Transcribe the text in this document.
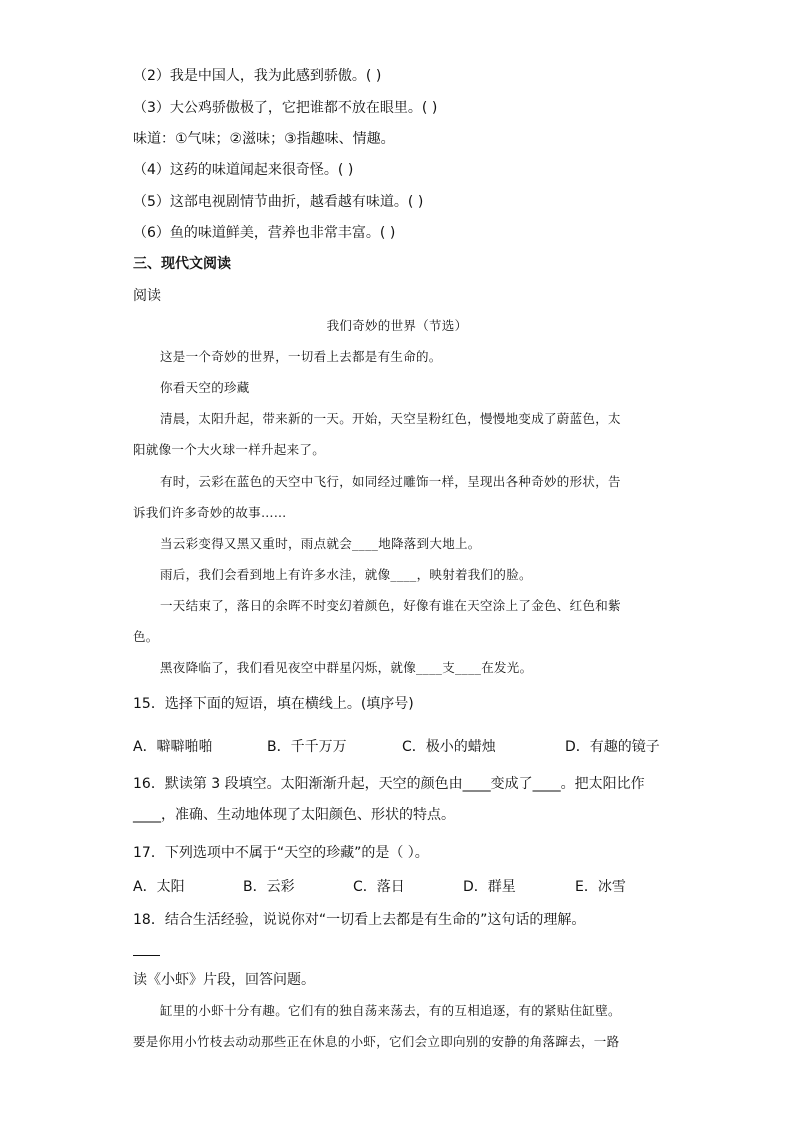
（2）我是中国人，我为此感到骄傲。( )
（3）大公鸡骄傲极了，它把谁都不放在眼里。( )
味道：①气味；②滋味；③指趣味、情趣。
（4）这药的味道闻起来很奇怪。( )
（5）这部电视剧情节曲折，越看越有味道。( )
（6）鱼的味道鲜美，营养也非常丰富。( )
三、现代文阅读
阅读
我们奇妙的世界（节选）
这是一个奇妙的世界，一切看上去都是有生命的。
你看天空的珍藏
清晨，太阳升起，带来新的一天。开始，天空呈粉红色，慢慢地变成了蔚蓝色，太
阳就像一个大火球一样升起来了。
有时，云彩在蓝色的天空中飞行，如同经过雕饰一样，呈现出各种奇妙的形状，告
诉我们许多奇妙的故事……
当云彩变得又黑又重时，雨点就会____地降落到大地上。
雨后，我们会看到地上有许多水洼，就像____，映射着我们的脸。
一天结束了，落日的余晖不时变幻着颜色，好像有谁在天空涂上了金色、红色和紫
色。
黑夜降临了，我们看见夜空中群星闪烁，就像____支____在发光。
15．选择下面的短语，填在横线上。(填序号)
A．噼噼啪啪	B．千千万万	C．极小的蜡烛	D．有趣的镜子
16．默读第 3 段填空。太阳渐渐升起，天空的颜色由____变成了____。把太阳比作
____，准确、生动地体现了太阳颜色、形状的特点。
17．下列选项中不属于“天空的珍藏”的是（ ）。
A．太阳	B．云彩	C．落日	D．群星	E．冰雪
18．结合生活经验，说说你对“一切看上去都是有生命的”这句话的理解。
读《小虾》片段，回答问题。
缸里的小虾十分有趣。它们有的独自荡来荡去，有的互相追逐，有的紧贴住缸壁。
要是你用小竹枝去动动那些正在休息的小虾，它们会立即向别的安静的角落蹿去，一路
